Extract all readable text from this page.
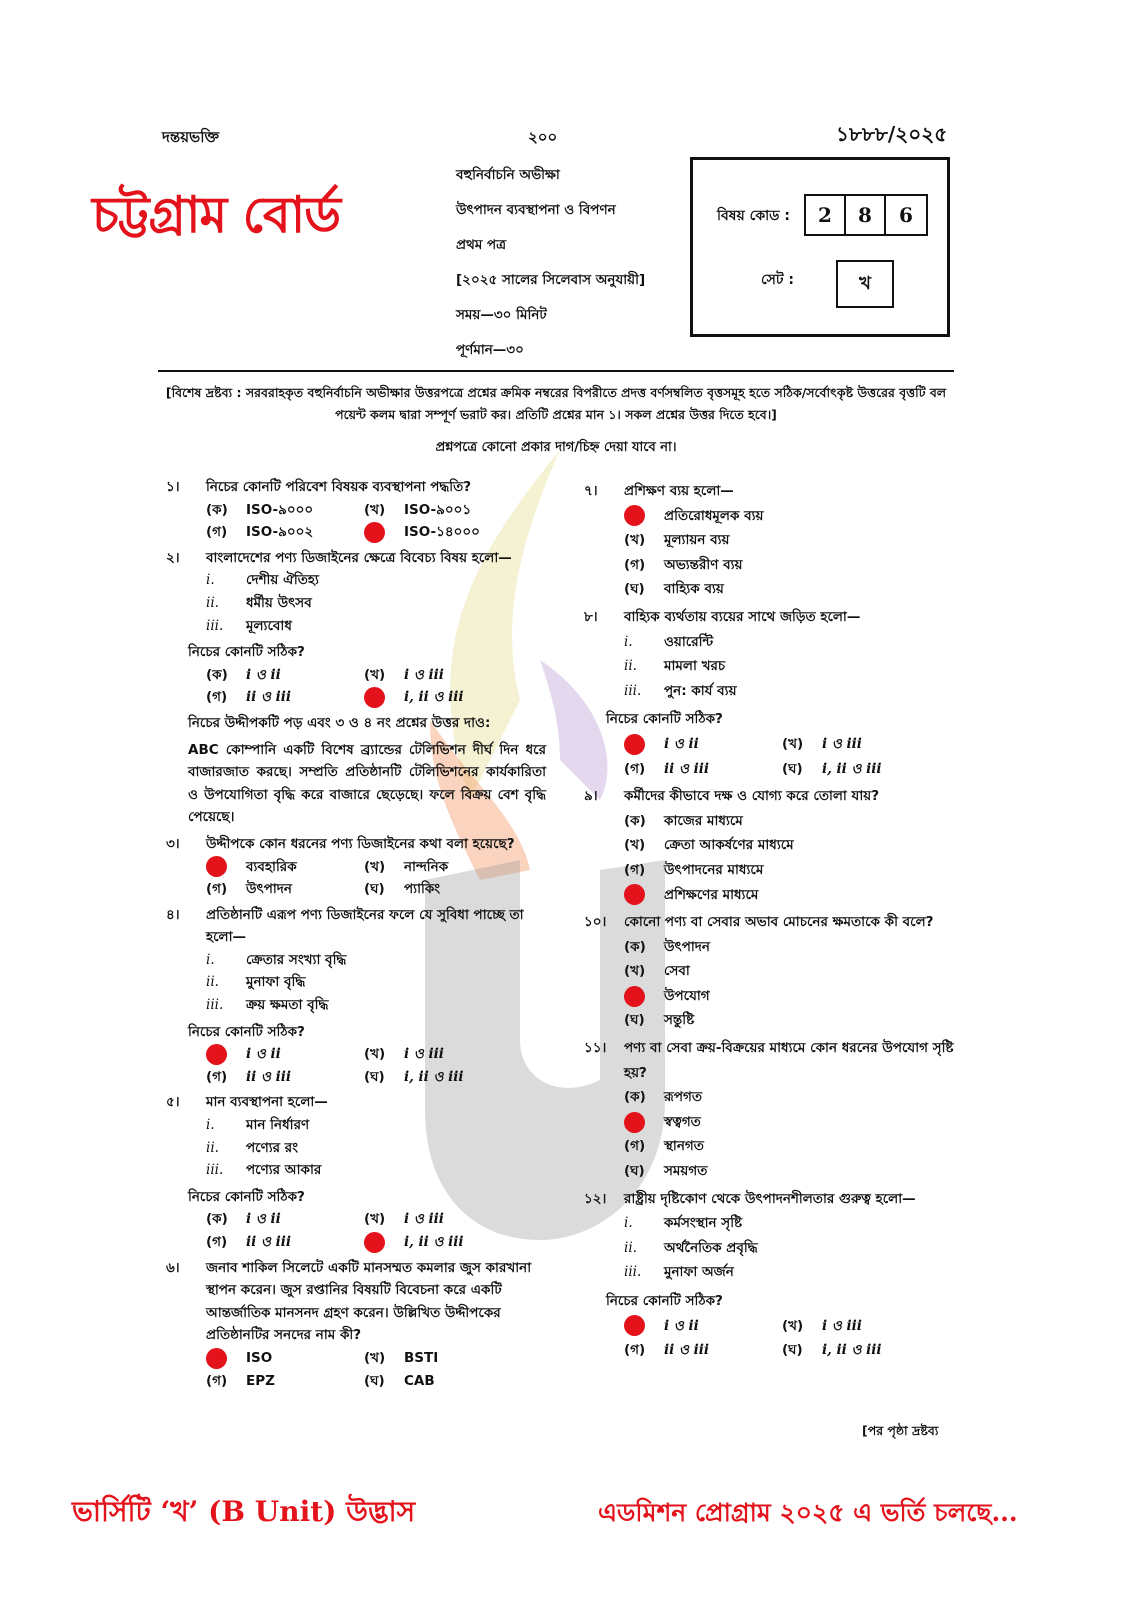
দন্তয়ভক্তি	২০০	১৮৮৮/২০২৫
চট্টগ্রাম বোর্ড
বহুনির্বাচনি অভীক্ষা
উৎপাদন ব্যবস্থাপনা ও বিপণন
প্রথম পত্র
[২০২৫ সালের সিলেবাস অনুযায়ী]
সময়—৩০ মিনিট
পূর্ণমান—৩০
বিষয় কোড :	2	8	6
সেট :	খ
[বিশেষ দ্রষ্টব্য : সরবরাহকৃত বহুনির্বাচনি অভীক্ষার উত্তরপত্রে প্রশ্নের ক্রমিক নম্বরের বিপরীতে প্রদত্ত বর্ণসম্বলিত বৃত্তসমূহ হতে সঠিক/সর্বোৎকৃষ্ট উত্তরের বৃত্তটি বল পয়েন্ট কলম দ্বারা সম্পূর্ণ ভরাট কর। প্রতিটি প্রশ্নের মান ১। সকল প্রশ্নের উত্তর দিতে হবে।]
প্রশ্নপত্রে কোনো প্রকার দাগ/চিহ্ন দেয়া যাবে না।
১।	নিচের কোনটি পরিবেশ বিষয়ক ব্যবস্থাপনা পদ্ধতি?
(ক)	ISO-৯০০০	(খ)	ISO-৯০০১
(গ)	ISO-৯০০২	ISO-১৪০০০
২।	বাংলাদেশের পণ্য ডিজাইনের ক্ষেত্রে বিবেচ্য বিষয় হলো—
i.	দেশীয় ঐতিহ্য
ii.	ধর্মীয় উৎসব
iii.	মূল্যবোধ
নিচের কোনটি সঠিক?
(ক)	i ও ii	(খ)	i ও iii
(গ)	ii ও iii	i, ii ও iii
নিচের উদ্দীপকটি পড় এবং ৩ ও ৪ নং প্রশ্নের উত্তর দাও:
ABC কোম্পানি একটি বিশেষ ব্র্যান্ডের টেলিভিশন দীর্ঘ দিন ধরে বাজারজাত করছে। সম্প্রতি প্রতিষ্ঠানটি টেলিভিশনের কার্যকারিতা ও উপযোগিতা বৃদ্ধি করে বাজারে ছেড়েছে। ফলে বিক্রয় বেশ বৃদ্ধি পেয়েছে।
৩।	উদ্দীপকে কোন ধরনের পণ্য ডিজাইনের কথা বলা হয়েছে?
ব্যবহারিক	(খ)	নান্দনিক
(গ)	উৎপাদন	(ঘ)	প্যাকিং
৪।	প্রতিষ্ঠানটি এরূপ পণ্য ডিজাইনের ফলে যে সুবিধা পাচ্ছে তা হলো—
i.	ক্রেতার সংখ্যা বৃদ্ধি
ii.	মুনাফা বৃদ্ধি
iii.	ক্রয় ক্ষমতা বৃদ্ধি
নিচের কোনটি সঠিক?
i ও ii	(খ)	i ও iii
(গ)	ii ও iii	(ঘ)	i, ii ও iii
৫।	মান ব্যবস্থাপনা হলো—
i.	মান নির্ধারণ
ii.	পণ্যের রং
iii.	পণ্যের আকার
নিচের কোনটি সঠিক?
(ক)	i ও ii	(খ)	i ও iii
(গ)	ii ও iii	i, ii ও iii
৬।	জনাব শাকিল সিলেটে একটি মানসম্মত কমলার জুস কারখানা স্থাপন করেন। জুস রপ্তানির বিষয়টি বিবেচনা করে একটি আন্তর্জাতিক মানসনদ গ্রহণ করেন। উল্লিখিত উদ্দীপকের প্রতিষ্ঠানটির সনদের নাম কী?
ISO	(খ)	BSTI
(গ)	EPZ	(ঘ)	CAB
৭।	প্রশিক্ষণ ব্যয় হলো—
প্রতিরোধমূলক ব্যয়
(খ)	মূল্যায়ন ব্যয়
(গ)	অভ্যন্তরীণ ব্যয়
(ঘ)	বাহ্যিক ব্যয়
৮।	বাহ্যিক ব্যর্থতায় ব্যয়ের সাথে জড়িত হলো—
i.	ওয়ারেন্টি
ii.	মামলা খরচ
iii.	পুন: কার্য ব্যয়
নিচের কোনটি সঠিক?
i ও ii	(খ)	i ও iii
(গ)	ii ও iii	(ঘ)	i, ii ও iii
৯।	কর্মীদের কীভাবে দক্ষ ও যোগ্য করে তোলা যায়?
(ক)	কাজের মাধ্যমে
(খ)	ক্রেতা আকর্ষণের মাধ্যমে
(গ)	উৎপাদনের মাধ্যমে
প্রশিক্ষণের মাধ্যমে
১০।	কোনো পণ্য বা সেবার অভাব মোচনের ক্ষমতাকে কী বলে?
(ক)	উৎপাদন
(খ)	সেবা
উপযোগ
(ঘ)	সন্তুষ্টি
১১।	পণ্য বা সেবা ক্রয়-বিক্রয়ের মাধ্যমে কোন ধরনের উপযোগ সৃষ্টি হয়?
(ক)	রূপগত
স্বত্বগত
(গ)	স্থানগত
(ঘ)	সময়গত
১২।	রাষ্ট্রীয় দৃষ্টিকোণ থেকে উৎপাদনশীলতার গুরুত্ব হলো—
i.	কর্মসংস্থান সৃষ্টি
ii.	অর্থনৈতিক প্রবৃদ্ধি
iii.	মুনাফা অর্জন
নিচের কোনটি সঠিক?
i ও ii	(খ)	i ও iii
(গ)	ii ও iii	(ঘ)	i, ii ও iii
[পর পৃষ্ঠা দ্রষ্টব্য
ভার্সিটি ‘খ’ (B Unit) উদ্ভাস	এডমিশন প্রোগ্রাম ২০২৫ এ ভর্তি চলছে...
